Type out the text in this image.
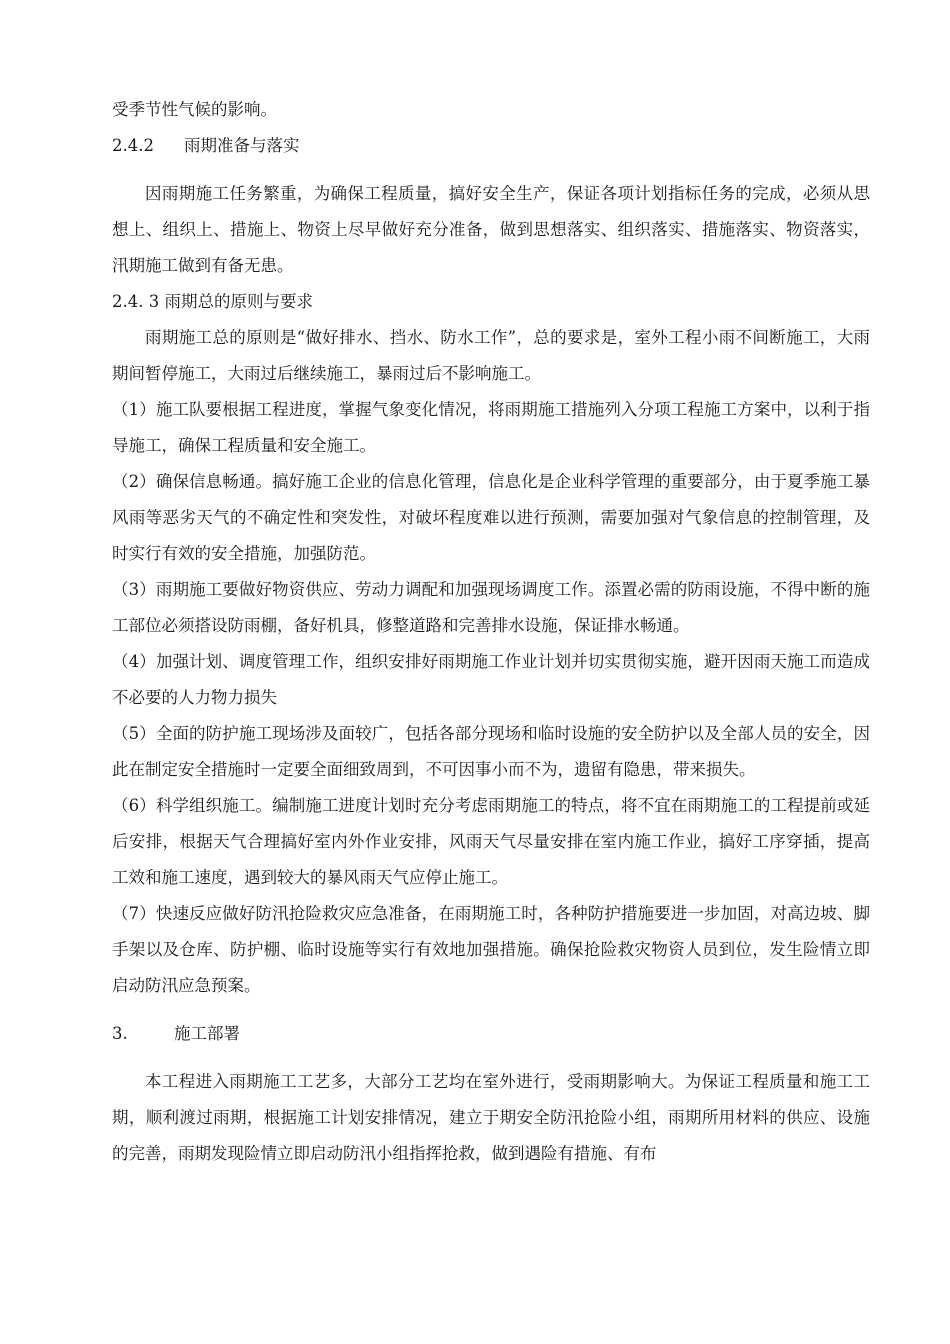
受季节性气候的影响。

2.4.2 雨期准备与落实

因雨期施工任务繁重，为确保工程质量，搞好安全生产，保证各项计划指标任务的完成，必须从思想上、组织上、措施上、物资上尽早做好充分准备，做到思想落实、组织落实、措施落实、物资落实，汛期施工做到有备无患。

2.4. 3 雨期总的原则与要求

雨期施工总的原则是“做好排水、挡水、防水工作”，总的要求是，室外工程小雨不间断施工，大雨期间暂停施工，大雨过后继续施工，暴雨过后不影响施工。

（1）施工队要根据工程进度，掌握气象变化情况，将雨期施工措施列入分项工程施工方案中，以利于指导施工，确保工程质量和安全施工。

（2）确保信息畅通。搞好施工企业的信息化管理，信息化是企业科学管理的重要部分，由于夏季施工暴风雨等恶劣天气的不确定性和突发性，对破坏程度难以进行预测，需要加强对气象信息的控制管理，及时实行有效的安全措施，加强防范。

（3）雨期施工要做好物资供应、劳动力调配和加强现场调度工作。添置必需的防雨设施，不得中断的施工部位必须搭设防雨棚，备好机具，修整道路和完善排水设施，保证排水畅通。

（4）加强计划、调度管理工作，组织安排好雨期施工作业计划并切实贯彻实施，避开因雨天施工而造成不必要的人力物力损失

（5）全面的防护施工现场涉及面较广，包括各部分现场和临时设施的安全防护以及全部人员的安全，因此在制定安全措施时一定要全面细致周到，不可因事小而不为，遗留有隐患，带来损失。

（6）科学组织施工。编制施工进度计划时充分考虑雨期施工的特点，将不宜在雨期施工的工程提前或延后安排，根据天气合理搞好室内外作业安排，风雨天气尽量安排在室内施工作业，搞好工序穿插，提高工效和施工速度，遇到较大的暴风雨天气应停止施工。

（7）快速反应做好防汛抢险救灾应急准备，在雨期施工时，各种防护措施要进一步加固，对高边坡、脚手架以及仓库、防护棚、临时设施等实行有效地加强措施。确保抢险救灾物资人员到位，发生险情立即启动防汛应急预案。

3.	施工部署

本工程进入雨期施工工艺多，大部分工艺均在室外进行，受雨期影响大。为保证工程质量和施工工期，顺利渡过雨期，根据施工计划安排情况，建立于期安全防汛抢险小组，雨期所用材料的供应、设施的完善，雨期发现险情立即启动防汛小组指挥抢救，做到遇险有措施、有布
